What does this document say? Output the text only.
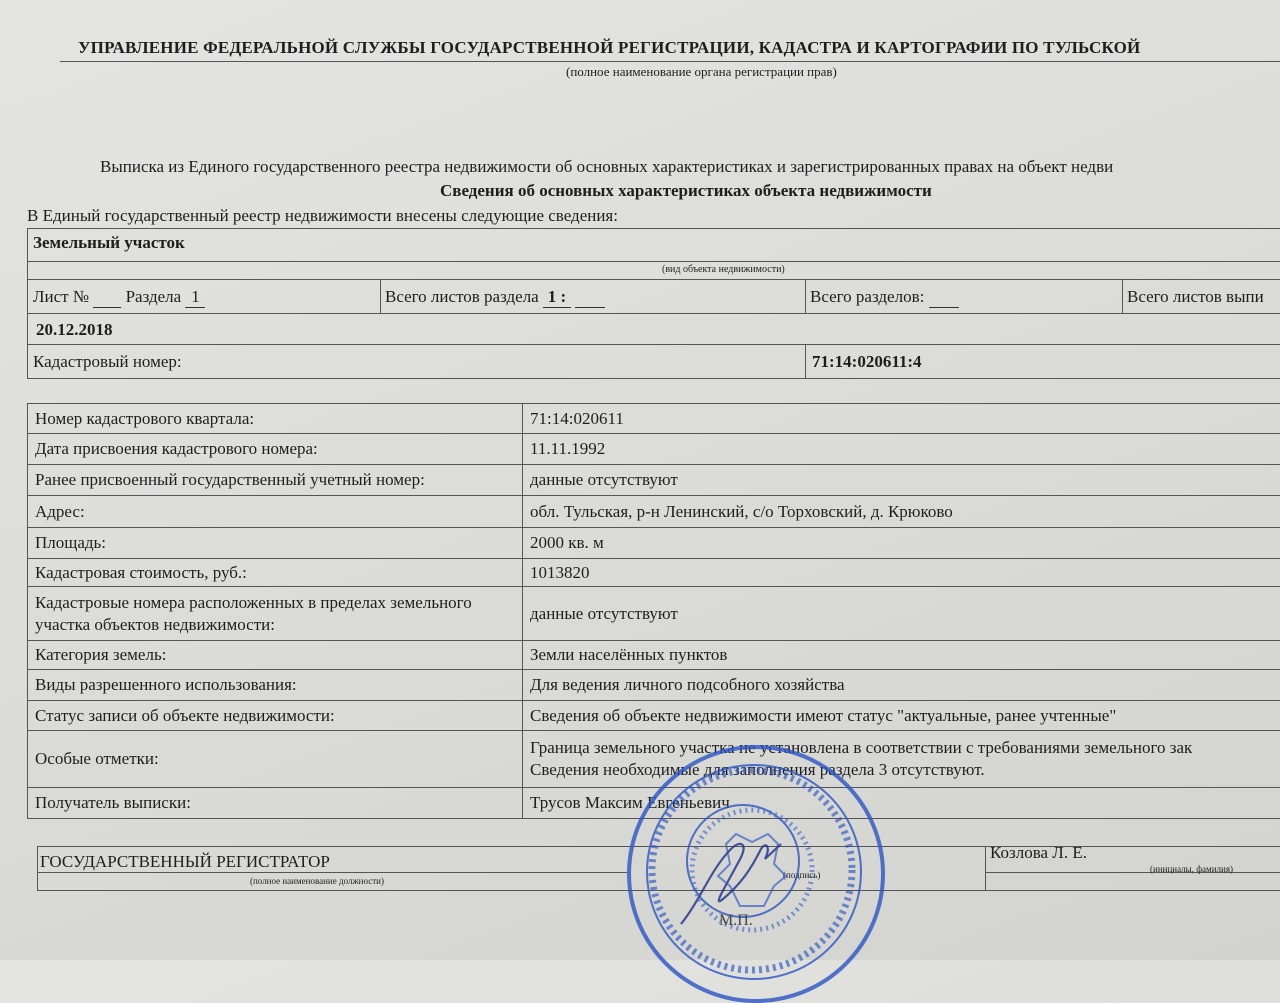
УПРАВЛЕНИЕ ФЕДЕРАЛЬНОЙ СЛУЖБЫ ГОСУДАРСТВЕННОЙ РЕГИСТРАЦИИ, КАДАСТРА И КАРТОГРАФИИ ПО ТУЛЬСКОЙ
(полное наименование органа регистрации прав)
Выписка из Единого государственного реестра недвижимости об основных характеристиках и зарегистрированных правах на объект недви
Сведения об основных характеристиках объекта недвижимости
В Единый государственный реестр недвижимости внесены следующие сведения:
Земельный участок
(вид объекта недвижимости)
Лист № Раздела 1	Всего листов раздела 1 :	Всего разделов:	Всего листов выпи
20.12.2018
Кадастровый номер:	71:14:020611:4
Номер кадастрового квартала:	71:14:020611
Дата присвоения кадастрового номера:	11.11.1992
Ранее присвоенный государственный учетный номер:	данные отсутствуют
Адрес:	обл. Тульская, р-н Ленинский, с/о Торховский, д. Крюково
Площадь:	2000 кв. м
Кадастровая стоимость, руб.:	1013820
Кадастровые номера расположенных в пределах земельного участка объектов недвижимости:	данные отсутствуют
Категория земель:	Земли населённых пунктов
Виды разрешенного использования:	Для ведения личного подсобного хозяйства
Статус записи об объекте недвижимости:	Сведения об объекте недвижимости имеют статус "актуальные, ранее учтенные"
Особые отметки:	Граница земельного участка не установлена в соответствии с требованиями земельного зак
Сведения необходимые для заполнения раздела 3 отсутствуют.

Получатель выписки:	Трусов Максим Евгеньевич
ГОСУДАРСТВЕННЫЙ РЕГИСТРАТОР
(полное наименование должности)
(подпись)
Козлова Л. Е.
(инициалы, фамилия)
М.П.
